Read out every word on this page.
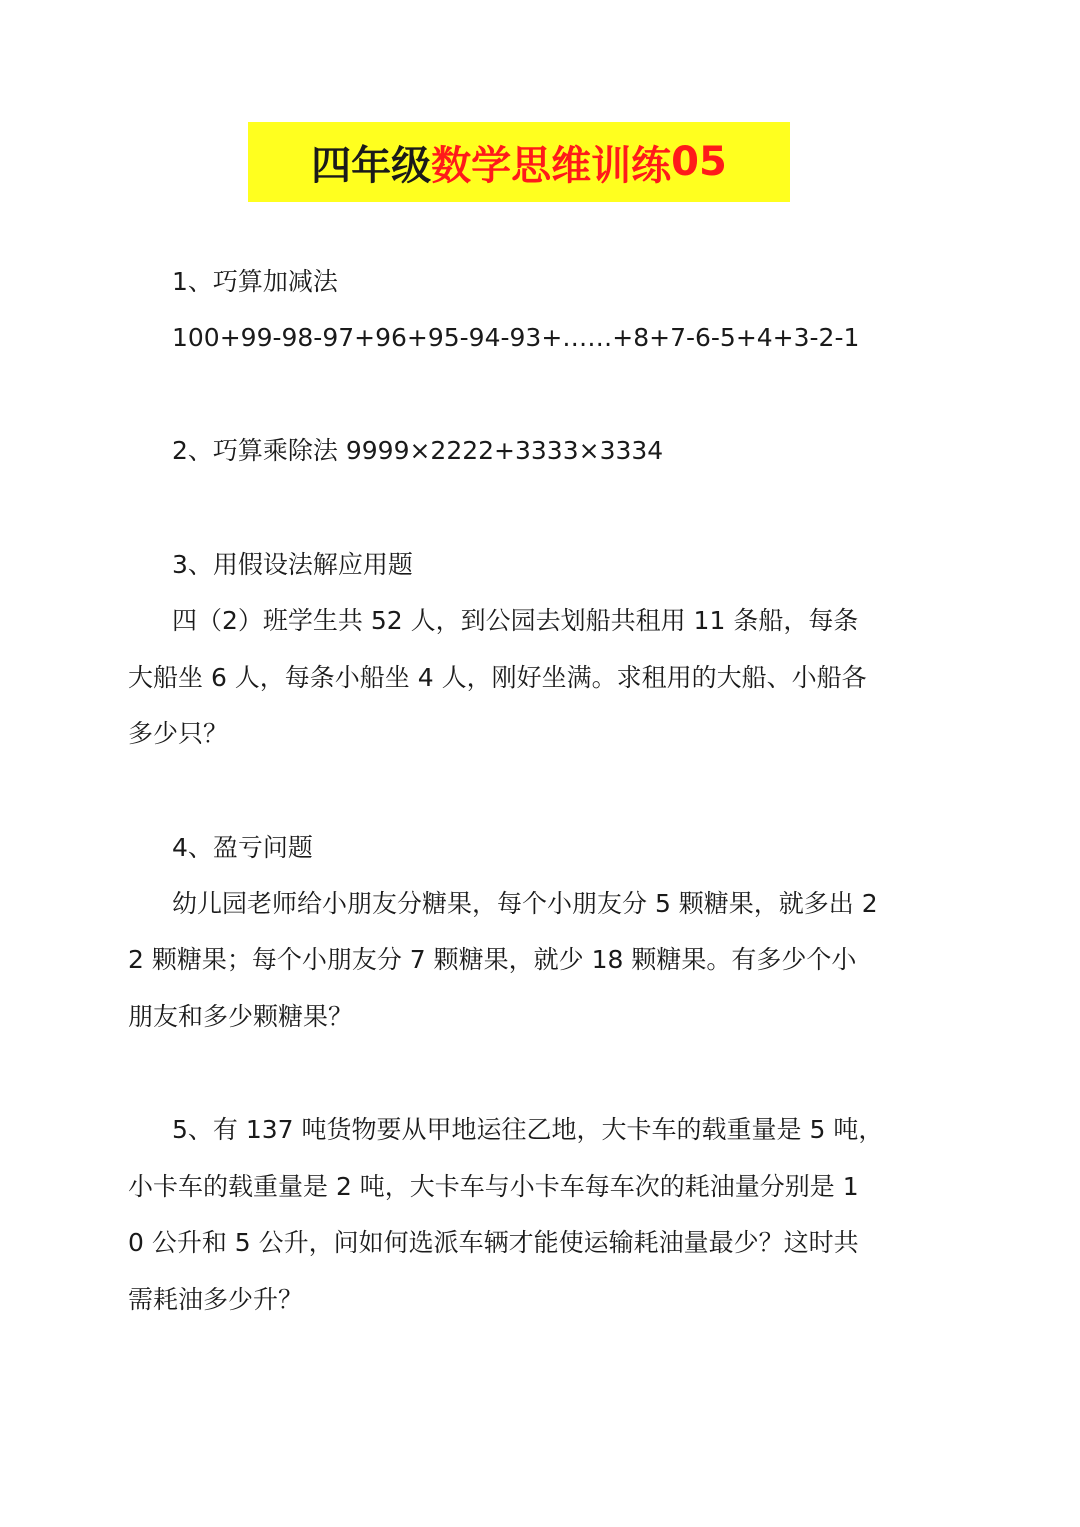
四年级 数学思维训练 05
1、巧算加减法
100+99-98-97+96+95-94-93+……+8+7-6-5+4+3-2-1
2、巧算乘除法 9999×2222+3333×3334
3、用假设法解应用题
四（2）班学生共 52 人，到公园去划船共租用 11 条船，每条
大船坐 6 人，每条小船坐 4 人，刚好坐满。求租用的大船、小船各
多少只？
4、盈亏问题
幼儿园老师给小朋友分糖果，每个小朋友分 5 颗糖果，就多出 2
2 颗糖果；每个小朋友分 7 颗糖果，就少 18 颗糖果。有多少个小
朋友和多少颗糖果？
5、有 137 吨货物要从甲地运往乙地，大卡车的载重量是 5 吨，
小卡车的载重量是 2 吨，大卡车与小卡车每车次的耗油量分别是 1
0 公升和 5 公升，问如何选派车辆才能使运输耗油量最少？这时共
需耗油多少升？
